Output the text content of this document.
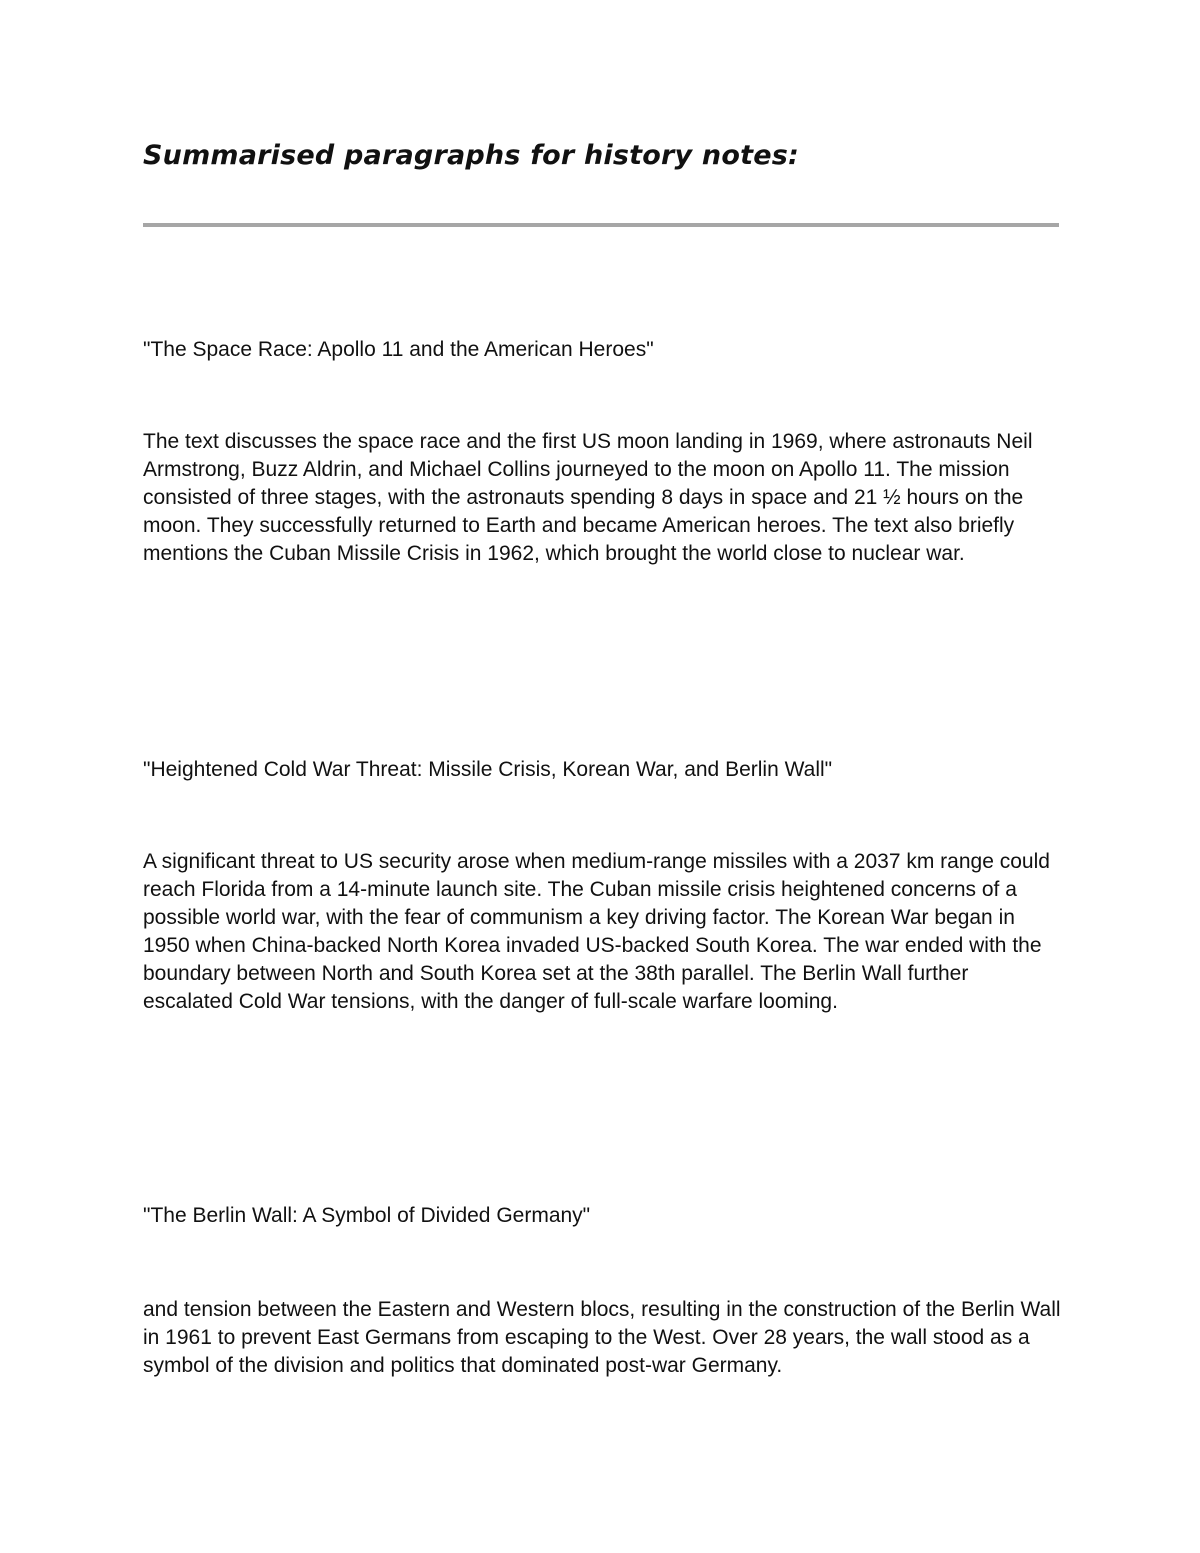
Summarised paragraphs for history notes:

"The Space Race: Apollo 11 and the American Heroes"

The text discusses the space race and the first US moon landing in 1969, where astronauts Neil Armstrong, Buzz Aldrin, and Michael Collins journeyed to the moon on Apollo 11. The mission consisted of three stages, with the astronauts spending 8 days in space and 21 ½ hours on the moon. They successfully returned to Earth and became American heroes. The text also briefly mentions the Cuban Missile Crisis in 1962, which brought the world close to nuclear war.

"Heightened Cold War Threat: Missile Crisis, Korean War, and Berlin Wall"

A significant threat to US security arose when medium-range missiles with a 2037 km range could reach Florida from a 14-minute launch site. The Cuban missile crisis heightened concerns of a possible world war, with the fear of communism a key driving factor. The Korean War began in 1950 when China-backed North Korea invaded US-backed South Korea. The war ended with the boundary between North and South Korea set at the 38th parallel. The Berlin Wall further escalated Cold War tensions, with the danger of full-scale warfare looming.

"The Berlin Wall: A Symbol of Divided Germany"

and tension between the Eastern and Western blocs, resulting in the construction of the Berlin Wall in 1961 to prevent East Germans from escaping to the West. Over 28 years, the wall stood as a symbol of the division and politics that dominated post-war Germany.
